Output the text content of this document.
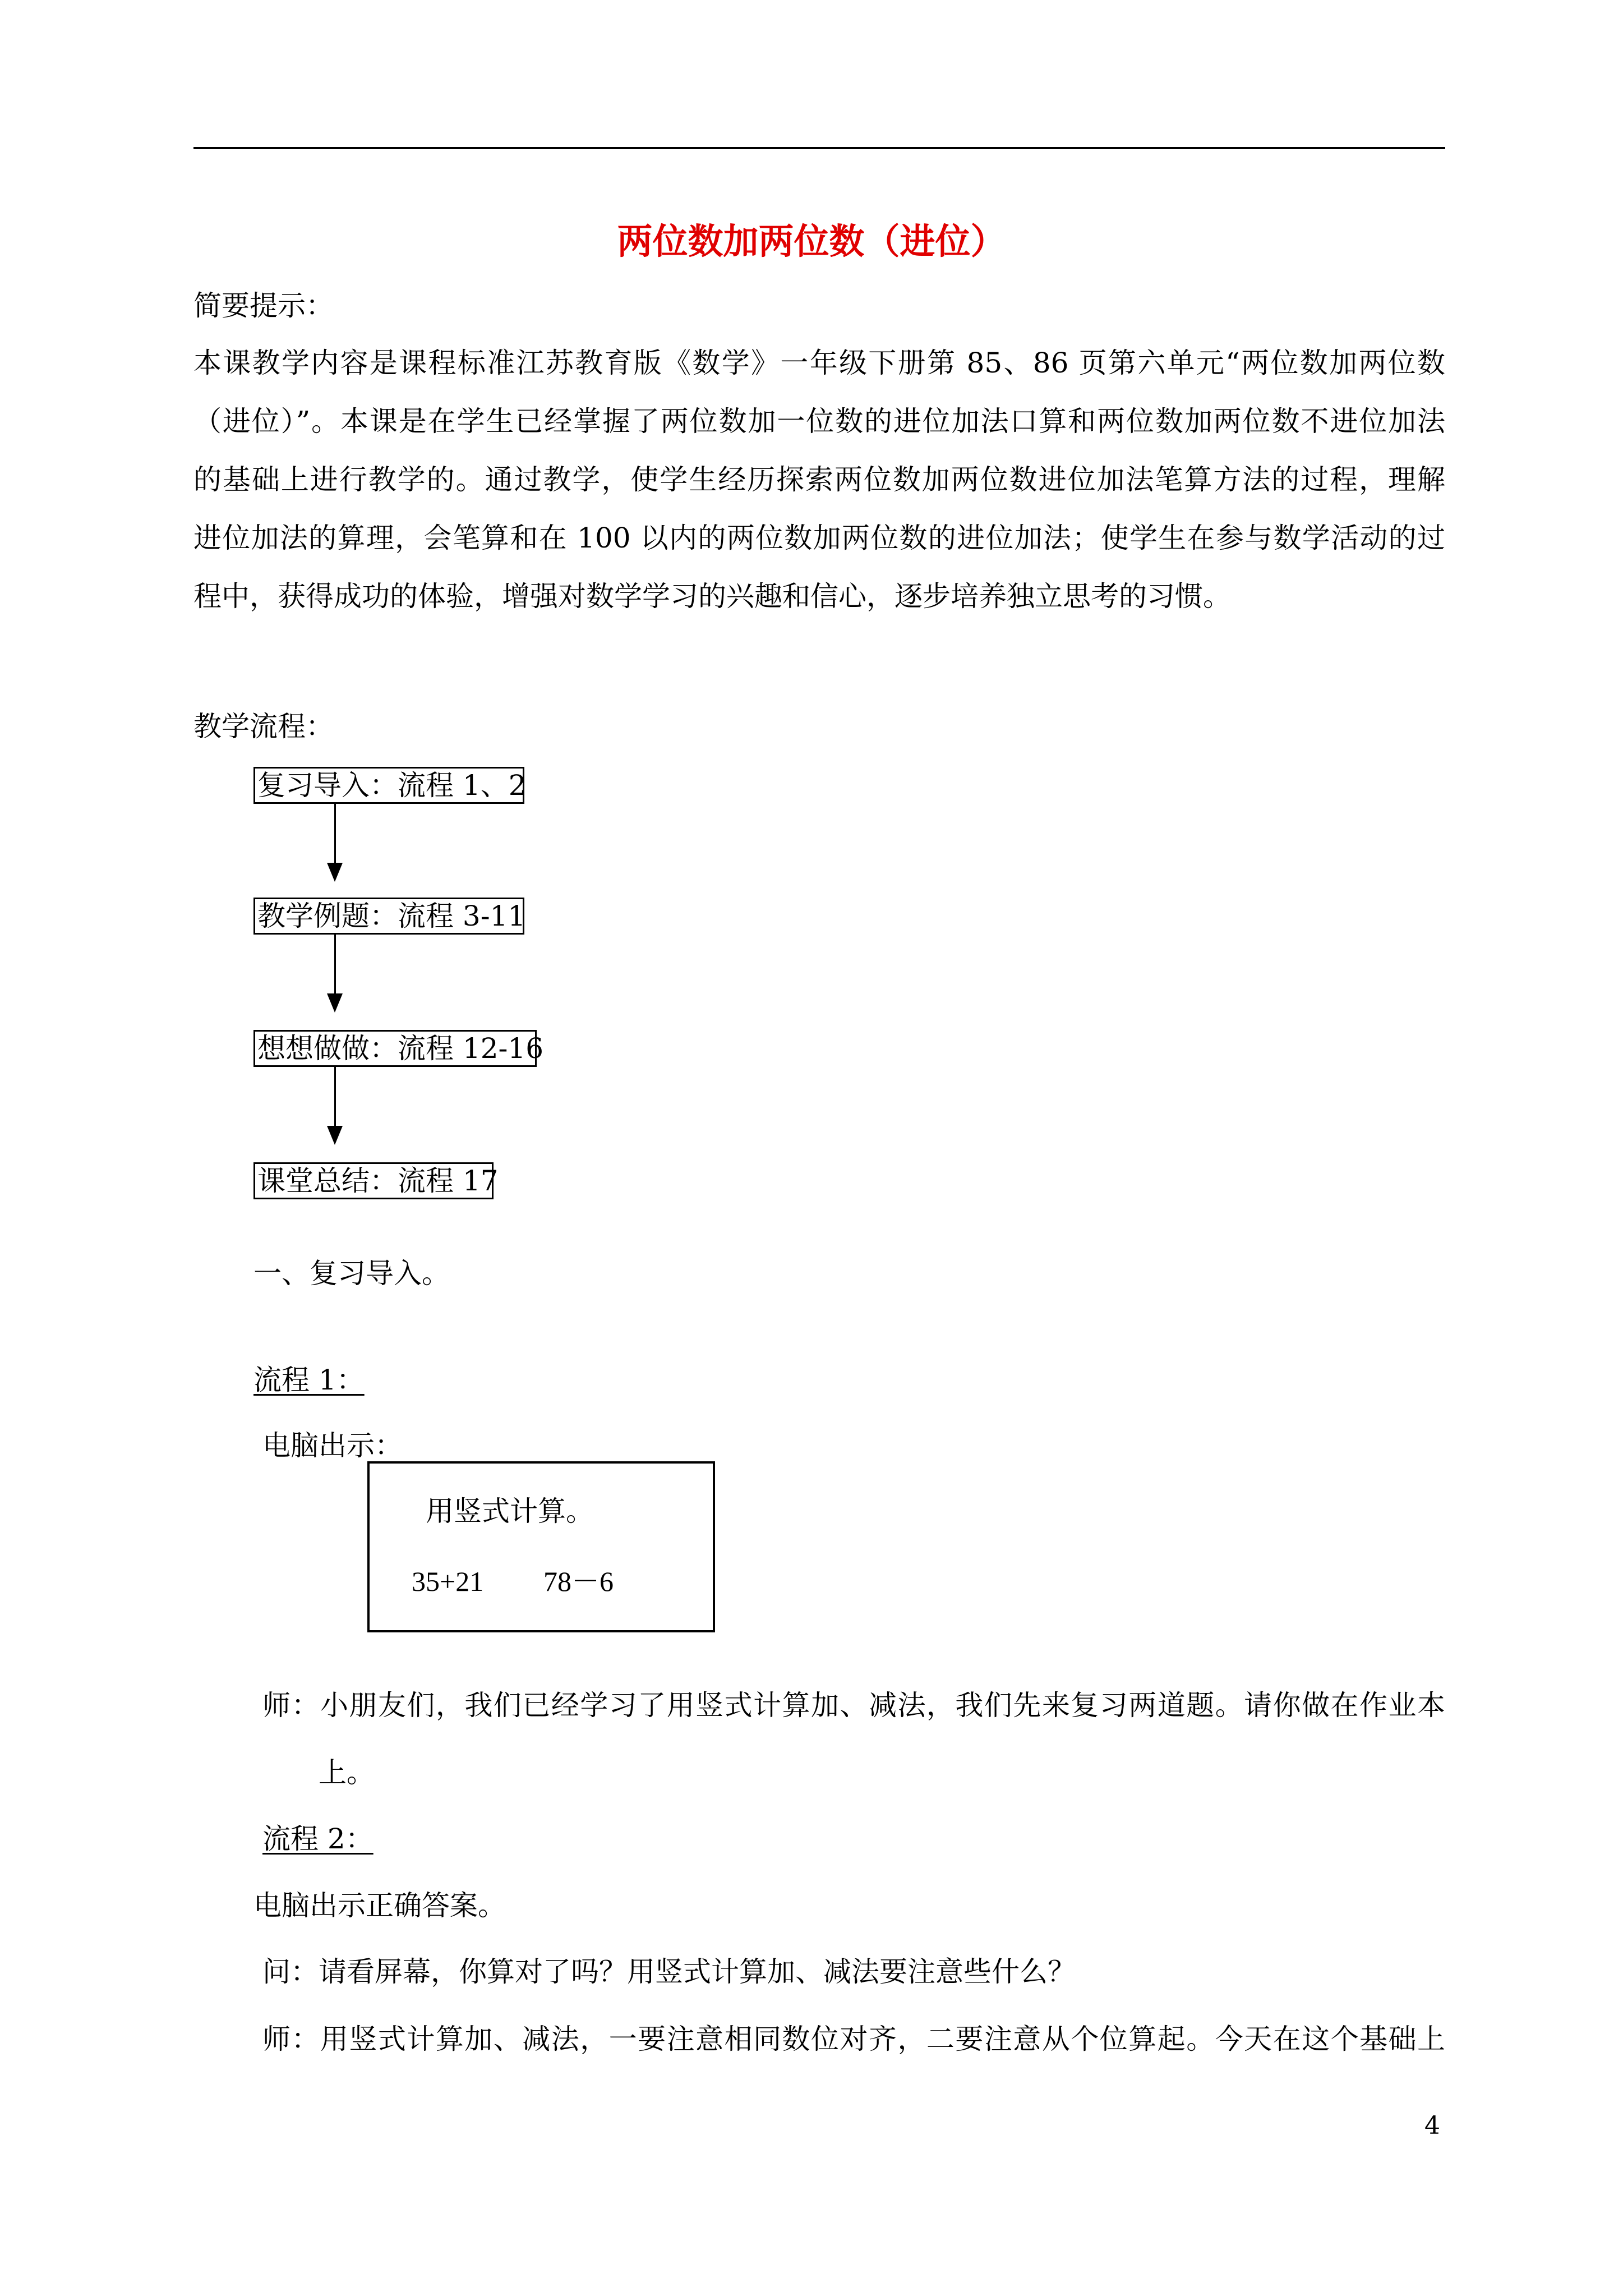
两位数加两位数（进位）
简要提示：
本课教学内容是课程标准江苏教育版《数学》一年级下册第 85、86 页第六单元“两位数加两位数
（进位）”。本课是在学生已经掌握了两位数加一位数的进位加法口算和两位数加两位数不进位加法
的基础上进行教学的。通过教学，使学生经历探索两位数加两位数进位加法笔算方法的过程，理解
进位加法的算理，会笔算和在 100 以内的两位数加两位数的进位加法；使学生在参与数学活动的过
程中，获得成功的体验，增强对数学学习的兴趣和信心，逐步培养独立思考的习惯。
教学流程：
复习导入：流程 1、2
教学例题：流程 3-11
想想做做：流程 12-16
课堂总结：流程 17
一、复习导入。
流程 1：
电脑出示：
用竖式计算。
35+21 78－6
师：小朋友们，我们已经学习了用竖式计算加、减法，我们先来复习两道题。请你做在作业本
上。
流程 2：
电脑出示正确答案。
问：请看屏幕，你算对了吗？用竖式计算加、减法要注意些什么？
师：用竖式计算加、减法，一要注意相同数位对齐，二要注意从个位算起。今天在这个基础上
4
